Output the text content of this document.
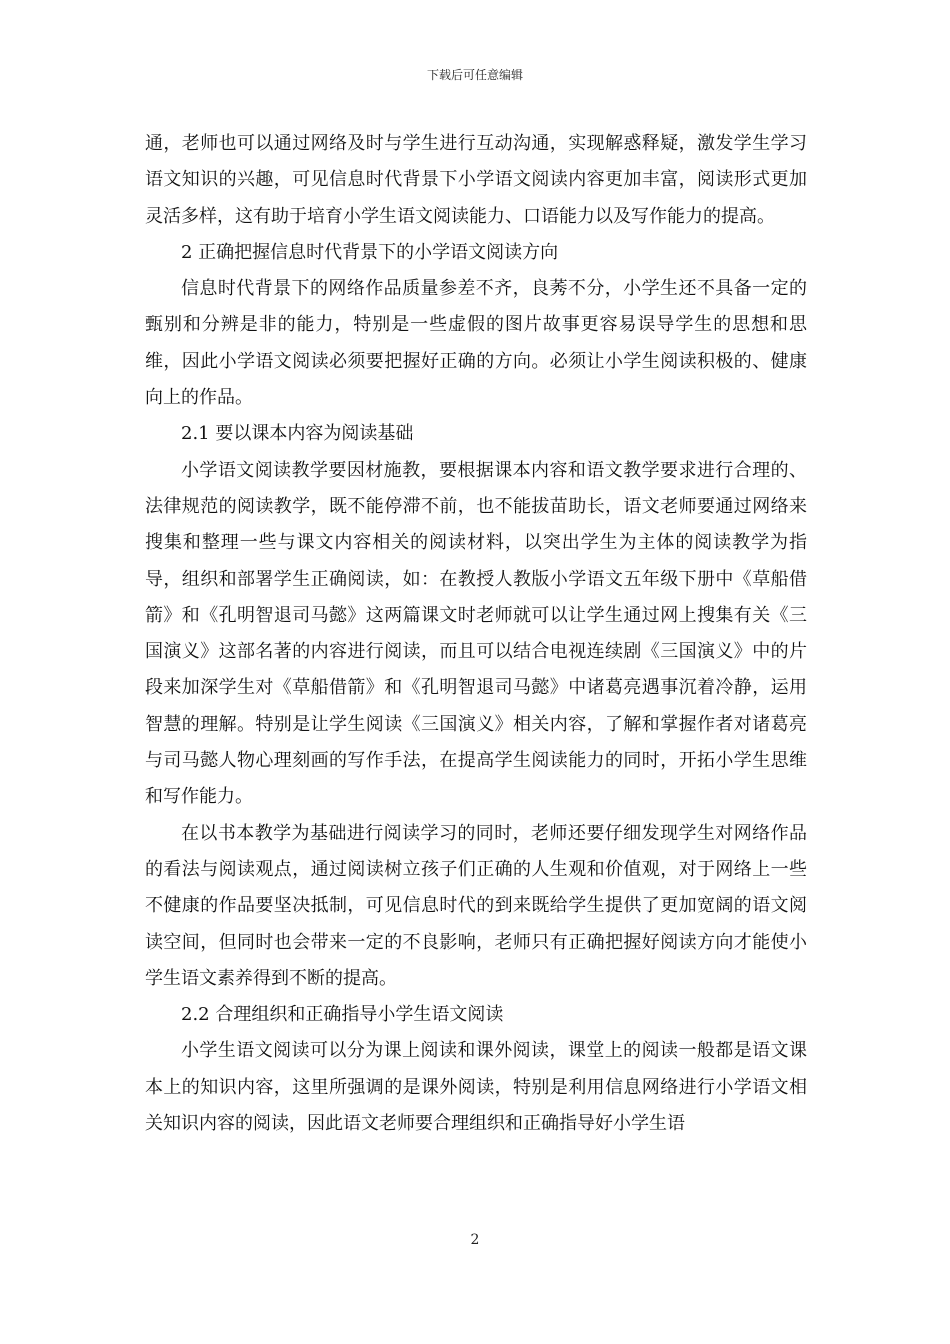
下载后可任意编辑

通，老师也可以通过网络及时与学生进行互动沟通，实现解惑释疑，激发学生学习语文知识的兴趣，可见信息时代背景下小学语文阅读内容更加丰富，阅读形式更加灵活多样，这有助于培育小学生语文阅读能力、口语能力以及写作能力的提高。

2 正确把握信息时代背景下的小学语文阅读方向

信息时代背景下的网络作品质量参差不齐，良莠不分，小学生还不具备一定的甄别和分辨是非的能力，特别是一些虚假的图片故事更容易误导学生的思想和思维，因此小学语文阅读必须要把握好正确的方向。必须让小学生阅读积极的、健康向上的作品。

2.1 要以课本内容为阅读基础

小学语文阅读教学要因材施教，要根据课本内容和语文教学要求进行合理的、法律规范的阅读教学，既不能停滞不前，也不能拔苗助长，语文老师要通过网络来搜集和整理一些与课文内容相关的阅读材料，以突出学生为主体的阅读教学为指导，组织和部署学生正确阅读，如：在教授人教版小学语文五年级下册中《草船借箭》和《孔明智退司马懿》这两篇课文时老师就可以让学生通过网上搜集有关《三国演义》这部名著的内容进行阅读，而且可以结合电视连续剧《三国演义》中的片段来加深学生对《草船借箭》和《孔明智退司马懿》中诸葛亮遇事沉着冷静，运用智慧的理解。特别是让学生阅读《三国演义》相关内容，了解和掌握作者对诸葛亮与司马懿人物心理刻画的写作手法，在提高学生阅读能力的同时，开拓小学生思维和写作能力。

在以书本教学为基础进行阅读学习的同时，老师还要仔细发现学生对网络作品的看法与阅读观点，通过阅读树立孩子们正确的人生观和价值观，对于网络上一些不健康的作品要坚决抵制，可见信息时代的到来既给学生提供了更加宽阔的语文阅读空间，但同时也会带来一定的不良影响，老师只有正确把握好阅读方向才能使小学生语文素养得到不断的提高。

2.2 合理组织和正确指导小学生语文阅读

小学生语文阅读可以分为课上阅读和课外阅读，课堂上的阅读一般都是语文课本上的知识内容，这里所强调的是课外阅读，特别是利用信息网络进行小学语文相关知识内容的阅读，因此语文老师要合理组织和正确指导好小学生语

2
